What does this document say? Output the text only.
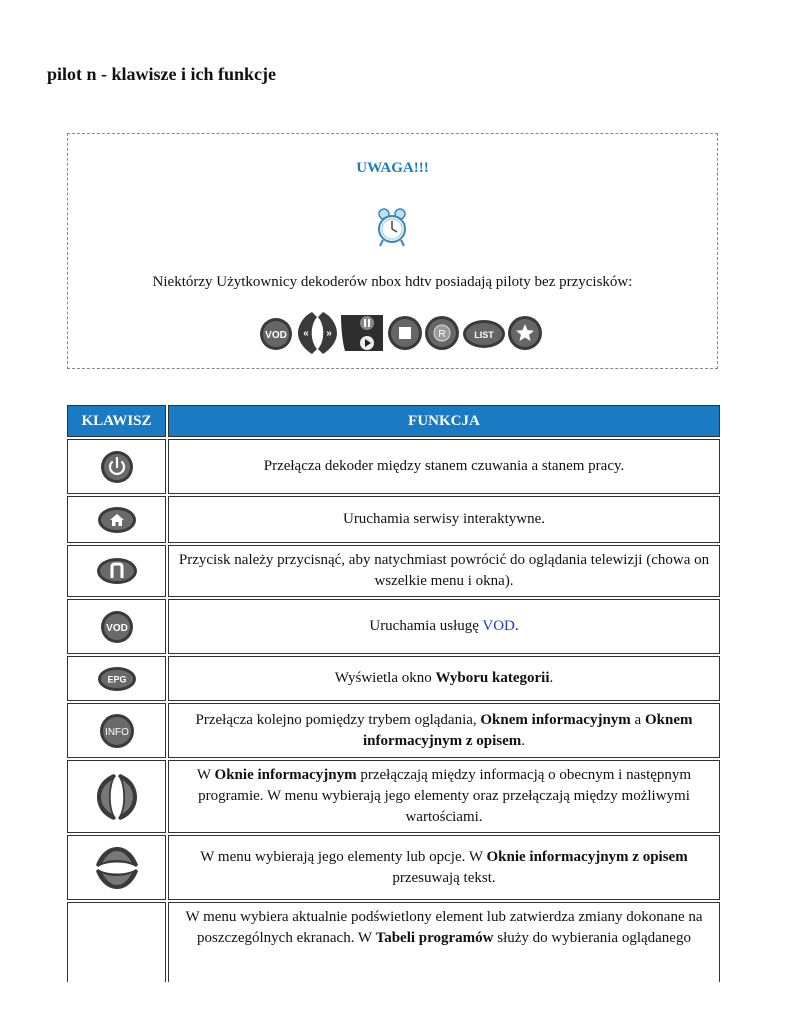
pilot n - klawisze i ich funkcje
UWAGA!!!
Niektórzy Użytkownicy dekoderów nbox hdtv posiadają piloty bez przycisków:
VOD « »	R	LIST
KLAWISZ		FUNKCJA

		Przełącza dekoder między stanem czuwania a stanem pracy.

		Uruchamia serwisy interaktywne.

		Przycisk należy przycisnąć, aby natychmiast powrócić do oglądania telewizji (chowa on wszelkie menu i okna).

VOD		Uruchamia usługę VOD.

EPG		Wyświetla okno Wyboru kategorii.

INFO		Przełącza kolejno pomiędzy trybem oglądania, Oknem informacyjnym a Oknem informacyjnym z opisem.

		W Oknie informacyjnym przełączają między informacją o obecnym i następnym programie. W menu wybierają jego elementy oraz przełączają między możliwymi wartościami.

		W menu wybierają jego elementy lub opcje. W Oknie informacyjnym z opisem przesuwają tekst.
		W menu wybiera aktualnie podświetlony element lub zatwierdza zmiany dokonane na poszczególnych ekranach. W Tabeli programów służy do wybierania oglądanego
